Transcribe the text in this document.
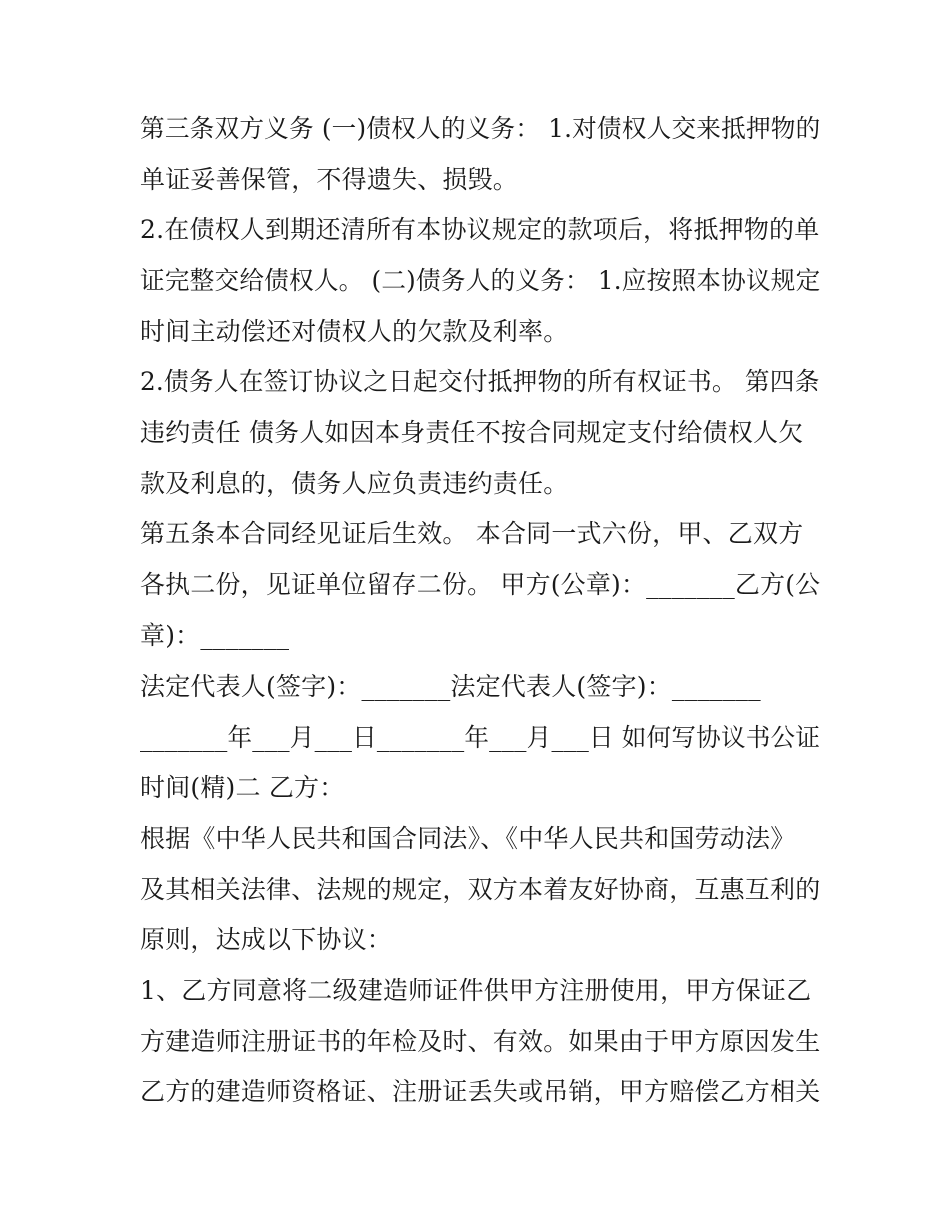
第三条双方义务 (一)债权人的义务： 1.对债权人交来抵押物的
单证妥善保管，不得遗失、损毁。
2.在债权人到期还清所有本协议规定的款项后，将抵押物的单
证完整交给债权人。 (二)债务人的义务： 1.应按照本协议规定
时间主动偿还对债权人的欠款及利率。
2.债务人在签订协议之日起交付抵押物的所有权证书。 第四条
违约责任 债务人如因本身责任不按合同规定支付给债权人欠
款及利息的，债务人应负责违约责任。
第五条本合同经见证后生效。 本合同一式六份，甲、乙双方
各执二份，见证单位留存二份。 甲方(公章)：_______乙方(公
章)：_______
法定代表人(签字)：_______法定代表人(签字)：_______
_______年___月___日_______年___月___日 如何写协议书公证
时间(精)二 乙方：
根据《中华人民共和国合同法》、《中华人民共和国劳动法》
及其相关法律、法规的规定，双方本着友好协商，互惠互利的
原则，达成以下协议：
1、乙方同意将二级建造师证件供甲方注册使用，甲方保证乙
方建造师注册证书的年检及时、有效。如果由于甲方原因发生
乙方的建造师资格证、注册证丢失或吊销，甲方赔偿乙方相关
